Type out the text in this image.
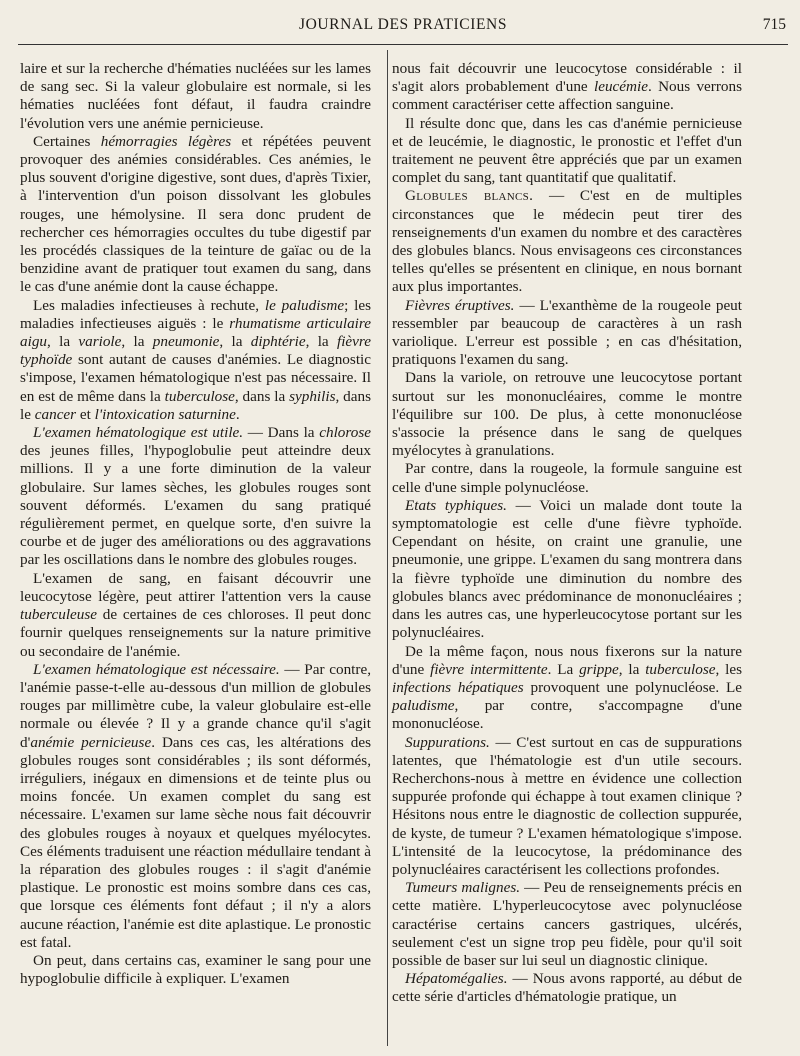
JOURNAL DES PRATICIENS	715

laire et sur la recherche d'hématies nucléées sur les lames de sang sec. Si la valeur globulaire est normale, si les hématies nucléées font défaut, il faudra craindre l'évolution vers une anémie pernicieuse.

Certaines hémorragies légères et répétées peuvent provoquer des anémies considérables. Ces anémies, le plus souvent d'origine digestive, sont dues, d'après Tixier, à l'intervention d'un poison dissolvant les globules rouges, une hémolysine. Il sera donc prudent de rechercher ces hémorragies occultes du tube digestif par les procédés classiques de la teinture de gaïac ou de la benzidine avant de pratiquer tout examen du sang, dans le cas d'une anémie dont la cause échappe.

Les maladies infectieuses à rechute, le paludisme; les maladies infectieuses aiguës : le rhumatisme articulaire aigu, la variole, la pneumonie, la diphtérie, la fièvre typhoïde sont autant de causes d'anémies. Le diagnostic s'impose, l'examen hématologique n'est pas nécessaire. Il en est de même dans la tuberculose, dans la syphilis, dans le cancer et l'intoxication saturnine.

L'examen hématologique est utile. — Dans la chlorose des jeunes filles, l'hypoglobulie peut atteindre deux millions. Il y a une forte diminution de la valeur globulaire. Sur lames sèches, les globules rouges sont souvent déformés. L'examen du sang pratiqué régulièrement permet, en quelque sorte, d'en suivre la courbe et de juger des améliorations ou des aggravations par les oscillations dans le nombre des globules rouges.

L'examen de sang, en faisant découvrir une leucocytose légère, peut attirer l'attention vers la cause tuberculeuse de certaines de ces chloroses. Il peut donc fournir quelques renseignements sur la nature primitive ou secondaire de l'anémie.

L'examen hématologique est nécessaire. — Par contre, l'anémie passe-t-elle au-dessous d'un million de globules rouges par millimètre cube, la valeur globulaire est-elle normale ou élevée ? Il y a grande chance qu'il s'agit d'anémie pernicieuse. Dans ces cas, les altérations des globules rouges sont considérables ; ils sont déformés, irréguliers, inégaux en dimensions et de teinte plus ou moins foncée. Un examen complet du sang est nécessaire. L'examen sur lame sèche nous fait découvrir des globules rouges à noyaux et quelques myélocytes. Ces éléments traduisent une réaction médullaire tendant à la réparation des globules rouges : il s'agit d'anémie plastique. Le pronostic est moins sombre dans ces cas, que lorsque ces éléments font défaut ; il n'y a alors aucune réaction, l'anémie est dite aplastique. Le pronostic est fatal.

On peut, dans certains cas, examiner le sang pour une hypoglobulie difficile à expliquer. L'examen

nous fait découvrir une leucocytose considérable : il s'agit alors probablement d'une leucémie. Nous verrons comment caractériser cette affection sanguine.

Il résulte donc que, dans les cas d'anémie pernicieuse et de leucémie, le diagnostic, le pronostic et l'effet d'un traitement ne peuvent être appréciés que par un examen complet du sang, tant quantitatif que qualitatif.

Globules blancs. — C'est en de multiples circonstances que le médecin peut tirer des renseignements d'un examen du nombre et des caractères des globules blancs. Nous envisageons ces circonstances telles qu'elles se présentent en clinique, en nous bornant aux plus importantes.

Fièvres éruptives. — L'exanthème de la rougeole peut ressembler par beaucoup de caractères à un rash variolique. L'erreur est possible ; en cas d'hésitation, pratiquons l'examen du sang.

Dans la variole, on retrouve une leucocytose portant surtout sur les mononucléaires, comme le montre l'équilibre sur 100. De plus, à cette mononucléose s'associe la présence dans le sang de quelques myélocytes à granulations.

Par contre, dans la rougeole, la formule sanguine est celle d'une simple polynucléose.

Etats typhiques. — Voici un malade dont toute la symptomatologie est celle d'une fièvre typhoïde. Cependant on hésite, on craint une granulie, une pneumonie, une grippe. L'examen du sang montrera dans la fièvre typhoïde une diminution du nombre des globules blancs avec prédominance de mononucléaires ; dans les autres cas, une hyperleucocytose portant sur les polynucléaires.

De la même façon, nous nous fixerons sur la nature d'une fièvre intermittente. La grippe, la tuberculose, les infections hépatiques provoquent une polynucléose. Le paludisme, par contre, s'accompagne d'une mononucléose.

Suppurations. — C'est surtout en cas de suppurations latentes, que l'hématologie est d'un utile secours. Recherchons-nous à mettre en évidence une collection suppurée profonde qui échappe à tout examen clinique ? Hésitons nous entre le diagnostic de collection suppurée, de kyste, de tumeur ? L'examen hématologique s'impose. L'intensité de la leucocytose, la prédominance des polynucléaires caractérisent les collections profondes.

Tumeurs malignes. — Peu de renseignements précis en cette matière. L'hyperleucocytose avec polynucléose caractérise certains cancers gastriques, ulcérés, seulement c'est un signe trop peu fidèle, pour qu'il soit possible de baser sur lui seul un diagnostic clinique.

Hépatomégalies. — Nous avons rapporté, au début de cette série d'articles d'hématologie pratique, un
